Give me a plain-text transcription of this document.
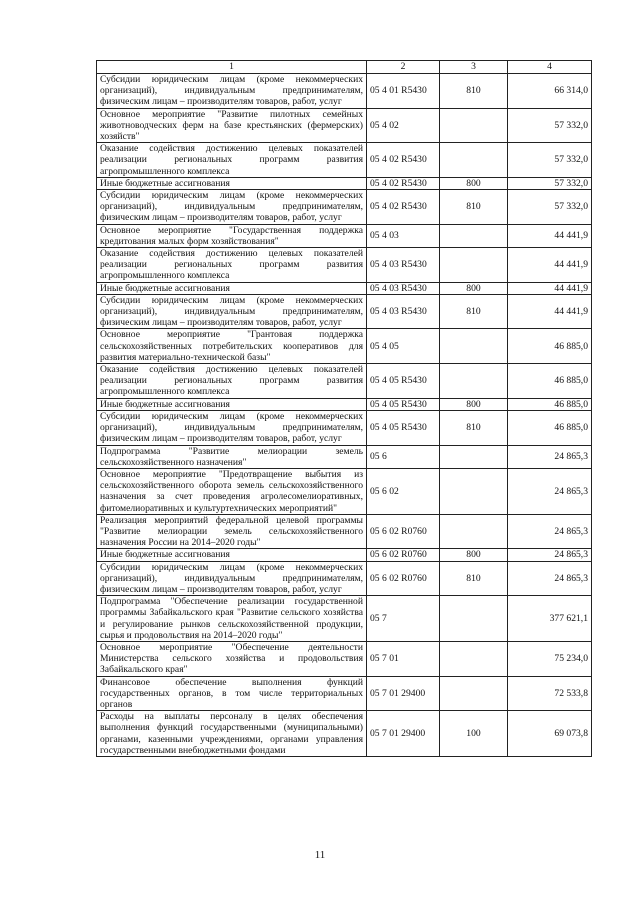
1	2	3	4
Субсидии юридическим лицам (кроме некоммерческих организаций), индивидуальным предпринимателям, физическим лицам – производителям товаров, работ, услуг	05 4 01 R5430	810	66 314,0
Основное мероприятие "Развитие пилотных семейных животноводческих ферм на базе крестьянских (фермерских) хозяйств"	05 4 02		57 332,0
Оказание содействия достижению целевых показателей реализации региональных программ развития агропромышленного комплекса	05 4 02 R5430		57 332,0
Иные бюджетные ассигнования	05 4 02 R5430	800	57 332,0
Субсидии юридическим лицам (кроме некоммерческих организаций), индивидуальным предпринимателям, физическим лицам – производителям товаров, работ, услуг	05 4 02 R5430	810	57 332,0
Основное мероприятие "Государственная поддержка кредитования малых форм хозяйствования"	05 4 03		44 441,9
Оказание содействия достижению целевых показателей реализации региональных программ развития агропромышленного комплекса	05 4 03 R5430		44 441,9
Иные бюджетные ассигнования	05 4 03 R5430	800	44 441,9
Субсидии юридическим лицам (кроме некоммерческих организаций), индивидуальным предпринимателям, физическим лицам – производителям товаров, работ, услуг	05 4 03 R5430	810	44 441,9
Основное мероприятие "Грантовая поддержка сельскохозяйственных потребительских кооперативов для развития материально-технической базы"	05 4 05		46 885,0
Оказание содействия достижению целевых показателей реализации региональных программ развития агропромышленного комплекса	05 4 05 R5430		46 885,0
Иные бюджетные ассигнования	05 4 05 R5430	800	46 885,0
Субсидии юридическим лицам (кроме некоммерческих организаций), индивидуальным предпринимателям, физическим лицам – производителям товаров, работ, услуг	05 4 05 R5430	810	46 885,0
Подпрограмма "Развитие мелиорации земель сельскохозяйственного назначения"	05 6		24 865,3
Основное мероприятие "Предотвращение выбытия из сельскохозяйственного оборота земель сельскохозяйственного назначения за счет проведения агролесомелиоративных, фитомелиоративных и культуртехнических мероприятий"	05 6 02		24 865,3
Реализация мероприятий федеральной целевой программы "Развитие мелиорации земель сельскохозяйственного назначения России на 2014–2020 годы"	05 6 02 R0760		24 865,3
Иные бюджетные ассигнования	05 6 02 R0760	800	24 865,3
Субсидии юридическим лицам (кроме некоммерческих организаций), индивидуальным предпринимателям, физическим лицам – производителям товаров, работ, услуг	05 6 02 R0760	810	24 865,3
Подпрограмма "Обеспечение реализации государственной программы Забайкальского края "Развитие сельского хозяйства и регулирование рынков сельскохозяйственной продукции, сырья и продовольствия на 2014–2020 годы"	05 7		377 621,1
Основное мероприятие "Обеспечение деятельности Министерства сельского хозяйства и продовольствия Забайкальского края"	05 7 01		75 234,0
Финансовое обеспечение выполнения функций государственных органов, в том числе территориальных органов	05 7 01 29400		72 533,8
Расходы на выплаты персоналу в целях обеспечения выполнения функций государственными (муниципальными) органами, казенными учреждениями, органами управления государственными внебюджетными фондами	05 7 01 29400	100	69 073,8
11
